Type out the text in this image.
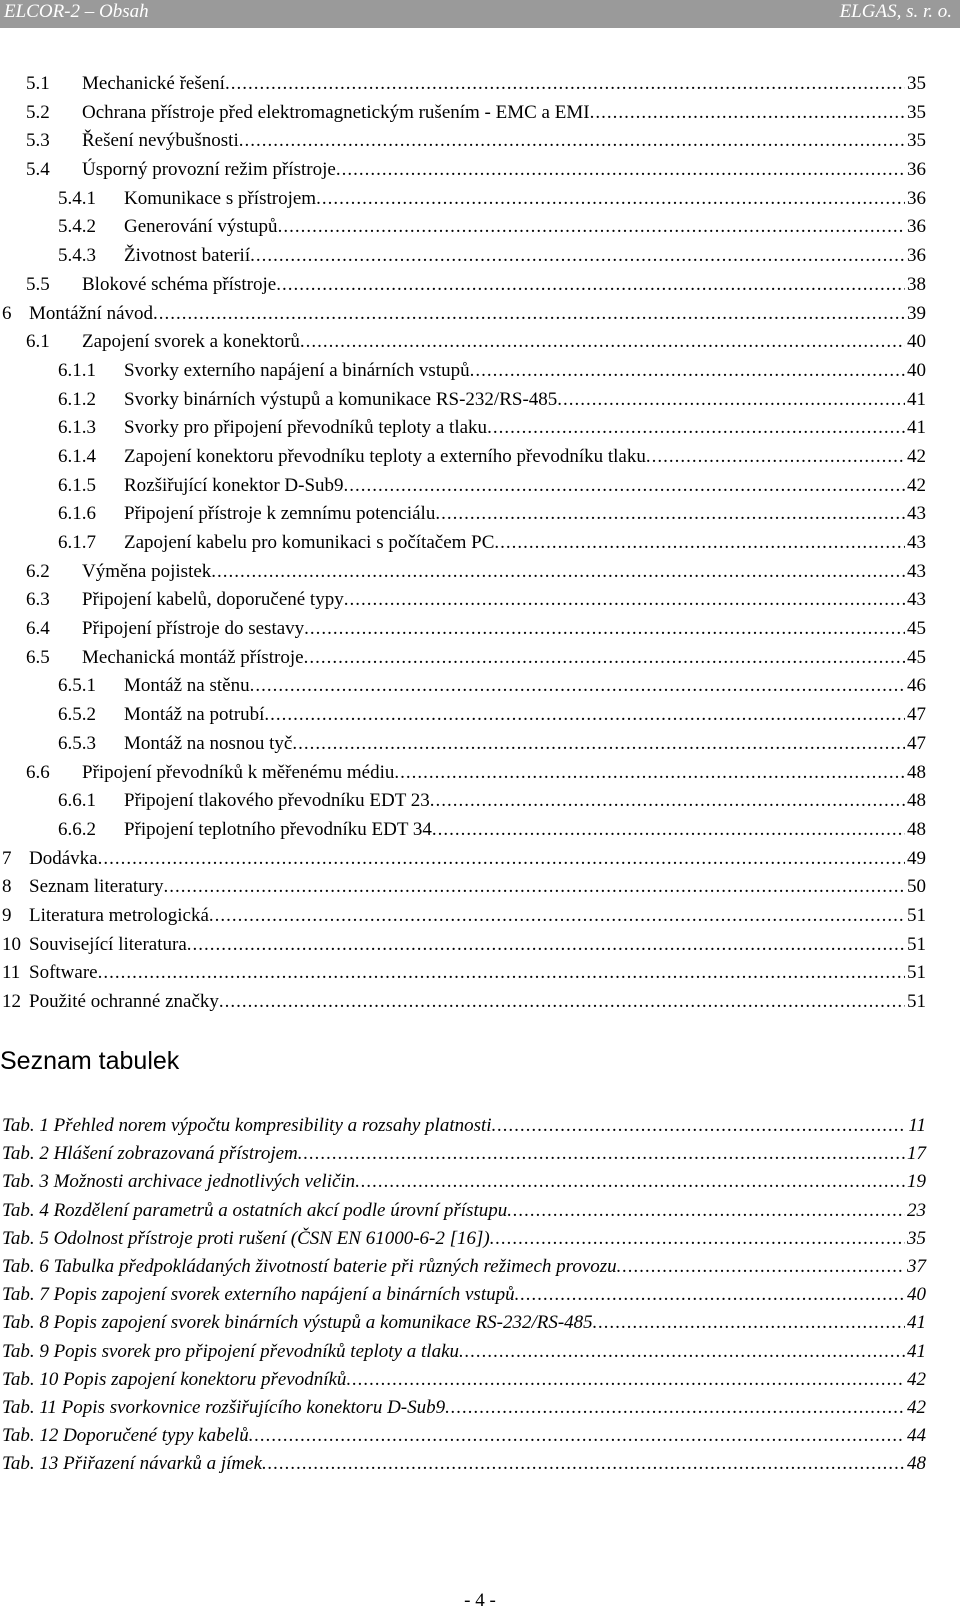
ELCOR-2 – Obsah	ELGAS, s. r. o.
5.1	Mechanické řešení .....	35
5.2	Ochrana přístroje před elektromagnetickým rušením - EMC a EMI .....	35
5.3	Řešení nevýbušnosti .....	35
5.4	Úsporný provozní režim přístroje .....	36
5.4.1	Komunikace s přístrojem .....	36
5.4.2	Generování výstupů .....	36
5.4.3	Životnost baterií .....	36
5.5	Blokové schéma přístroje .....	38
6 Montážní návod .....	39
6.1	Zapojení svorek a konektorů .....	40
6.1.1	Svorky externího napájení a binárních vstupů .....	40
6.1.2	Svorky binárních výstupů a komunikace RS-232/RS-485 .....	41
6.1.3	Svorky pro připojení převodníků teploty a tlaku .....	41
6.1.4	Zapojení konektoru převodníku teploty a externího převodníku tlaku .....	42
6.1.5	Rozšiřující konektor D-Sub9 .....	42
6.1.6	Připojení přístroje k zemnímu potenciálu .....	43
6.1.7	Zapojení kabelu pro komunikaci s počítačem PC .....	43
6.2	Výměna pojistek .....	43
6.3	Připojení kabelů, doporučené typy .....	43
6.4	Připojení přístroje do sestavy .....	45
6.5	Mechanická montáž přístroje .....	45
6.5.1	Montáž na stěnu .....	46
6.5.2	Montáž na potrubí .....	47
6.5.3	Montáž na nosnou tyč .....	47
6.6	Připojení převodníků k měřenému médiu .....	48
6.6.1	Připojení tlakového převodníku EDT 23 .....	48
6.6.2	Připojení teplotního převodníku EDT 34 .....	48
7 Dodávka .....	49
8 Seznam literatury .....	50
9 Literatura metrologická .....	51
10 Související literatura .....	51
11 Software .....	51
12 Použité ochranné značky .....	51
Seznam tabulek
Tab. 1 Přehled norem výpočtu kompresibility a rozsahy platnosti .....	11
Tab. 2 Hlášení zobrazovaná přístrojem .....	17
Tab. 3 Možnosti archivace jednotlivých veličin .....	19
Tab. 4 Rozdělení parametrů a ostatních akcí podle úrovní přístupu .....	23
Tab. 5 Odolnost přístroje proti rušení (ČSN EN 61000-6-2 [16]) .....	35
Tab. 6 Tabulka předpokládaných životností baterie při různých režimech provozu .....	37
Tab. 7 Popis zapojení svorek externího napájení a binárních vstupů .....	40
Tab. 8 Popis zapojení svorek binárních výstupů a komunikace RS-232/RS-485 .....	41
Tab. 9 Popis svorek pro připojení převodníků teploty a tlaku .....	41
Tab. 10 Popis zapojení konektoru převodníků .....	42
Tab. 11 Popis svorkovnice rozšiřujícího konektoru D-Sub9 .....	42
Tab. 12 Doporučené typy kabelů .....	44
Tab. 13 Přiřazení návarků a jímek .....	48
- 4 -
